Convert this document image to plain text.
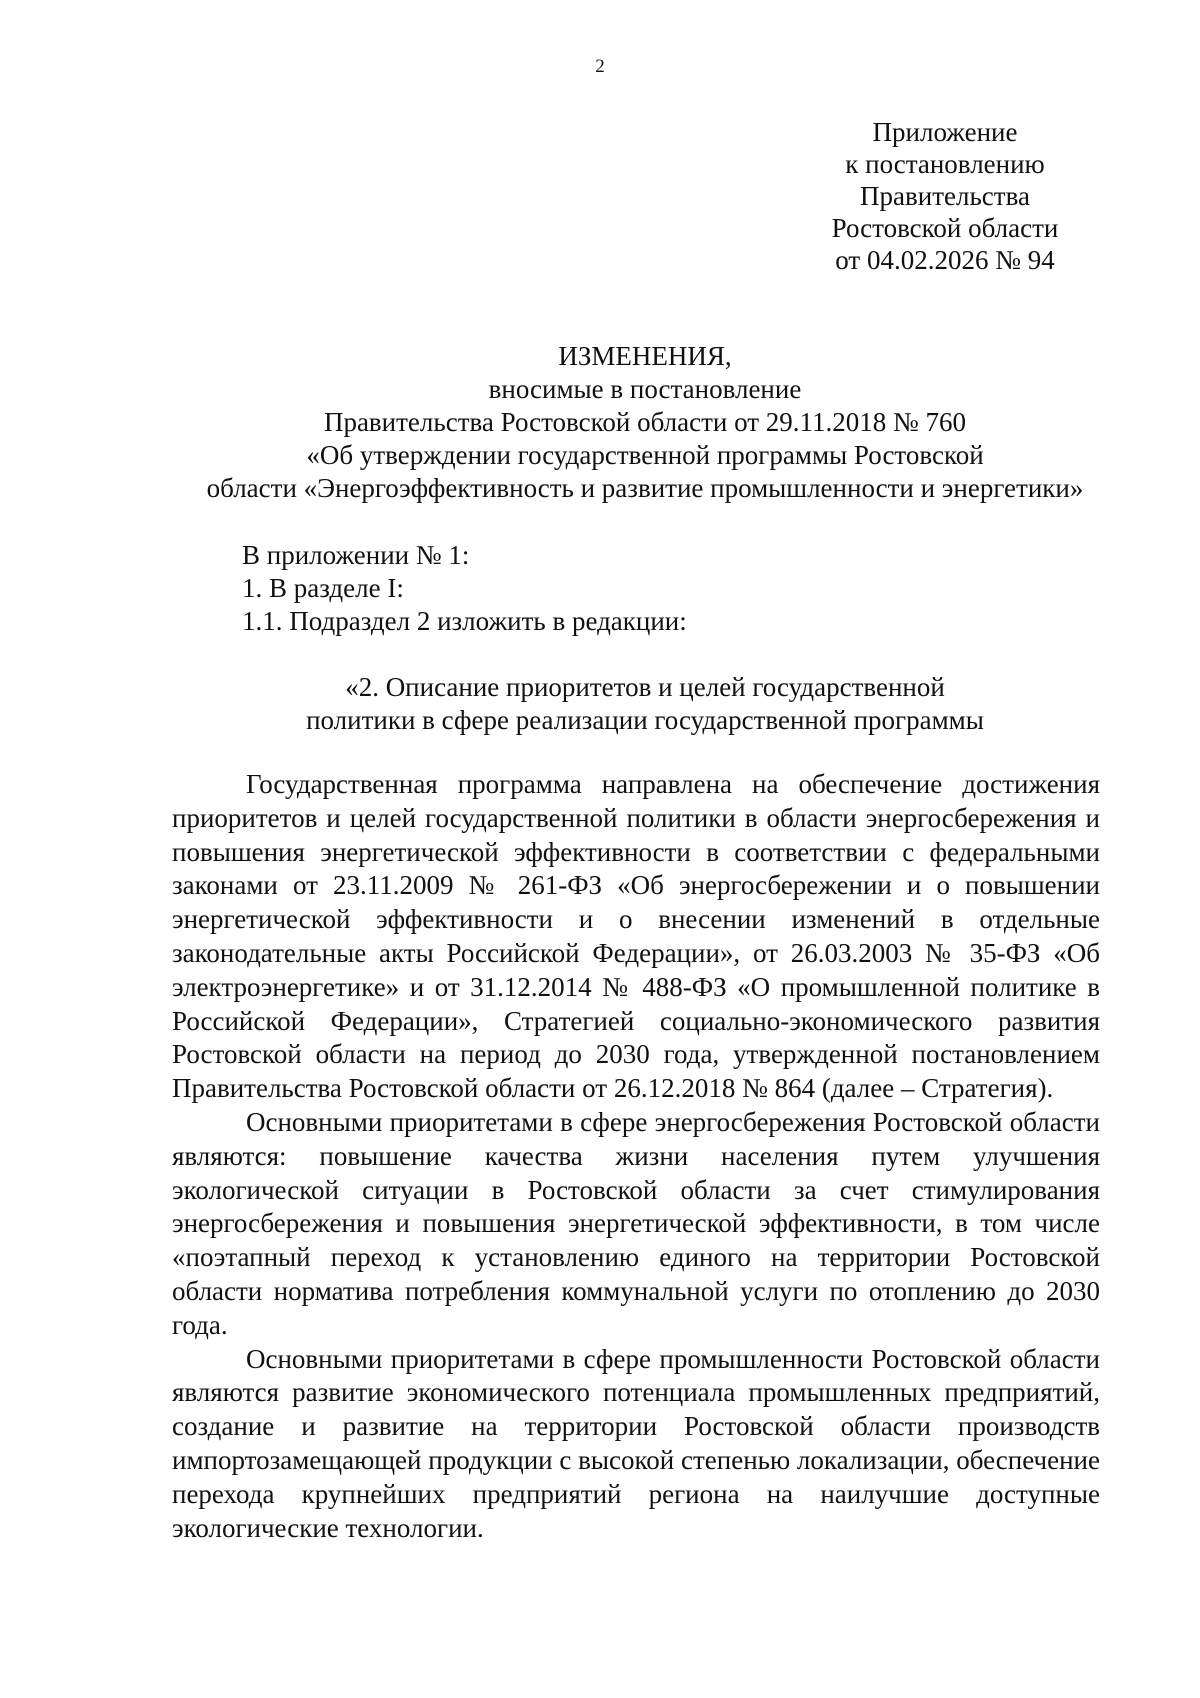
2
Приложение
к постановлению
Правительства
Ростовской области
от 04.02.2026 № 94
ИЗМЕНЕНИЯ,
вносимые в постановление
Правительства Ростовской области от 29.11.2018 № 760
«Об утверждении государственной программы Ростовской
области «Энергоэффективность и развитие промышленности и энергетики»
В приложении № 1:
1. В разделе I:
1.1. Подраздел 2 изложить в редакции:
«2. Описание приоритетов и целей государственной
политики в сфере реализации государственной программы

Государственная программа направлена на обеспечение достижения приоритетов и целей государственной политики в области энергосбережения и повышения энергетической эффективности в соответствии с федеральными законами от 23.11.2009 № 261-ФЗ «Об энергосбережении и о повышении энергетической эффективности и о внесении изменений в отдельные законодательные акты Российской Федерации», от 26.03.2003 № 35-ФЗ «Об электроэнергетике» и от 31.12.2014 № 488-ФЗ «О промышленной политике в Российской Федерации», Стратегией социально-экономического развития Ростовской области на период до 2030 года, утвержденной постановлением Правительства Ростовской области от 26.12.2018 № 864 (далее – Стратегия).

Основными приоритетами в сфере энергосбережения Ростовской области являются: повышение качества жизни населения путем улучшения экологической ситуации в Ростовской области за счет стимулирования энергосбережения и повышения энергетической эффективности, в том числе «поэтапный переход к установлению единого на территории Ростовской области норматива потребления коммунальной услуги по отоплению до 2030 года.

Основными приоритетами в сфере промышленности Ростовской области являются развитие экономического потенциала промышленных предприятий, создание и развитие на территории Ростовской области производств импортозамещающей продукции с высокой степенью локализации, обеспечение перехода крупнейших предприятий региона на наилучшие доступные экологические технологии.
